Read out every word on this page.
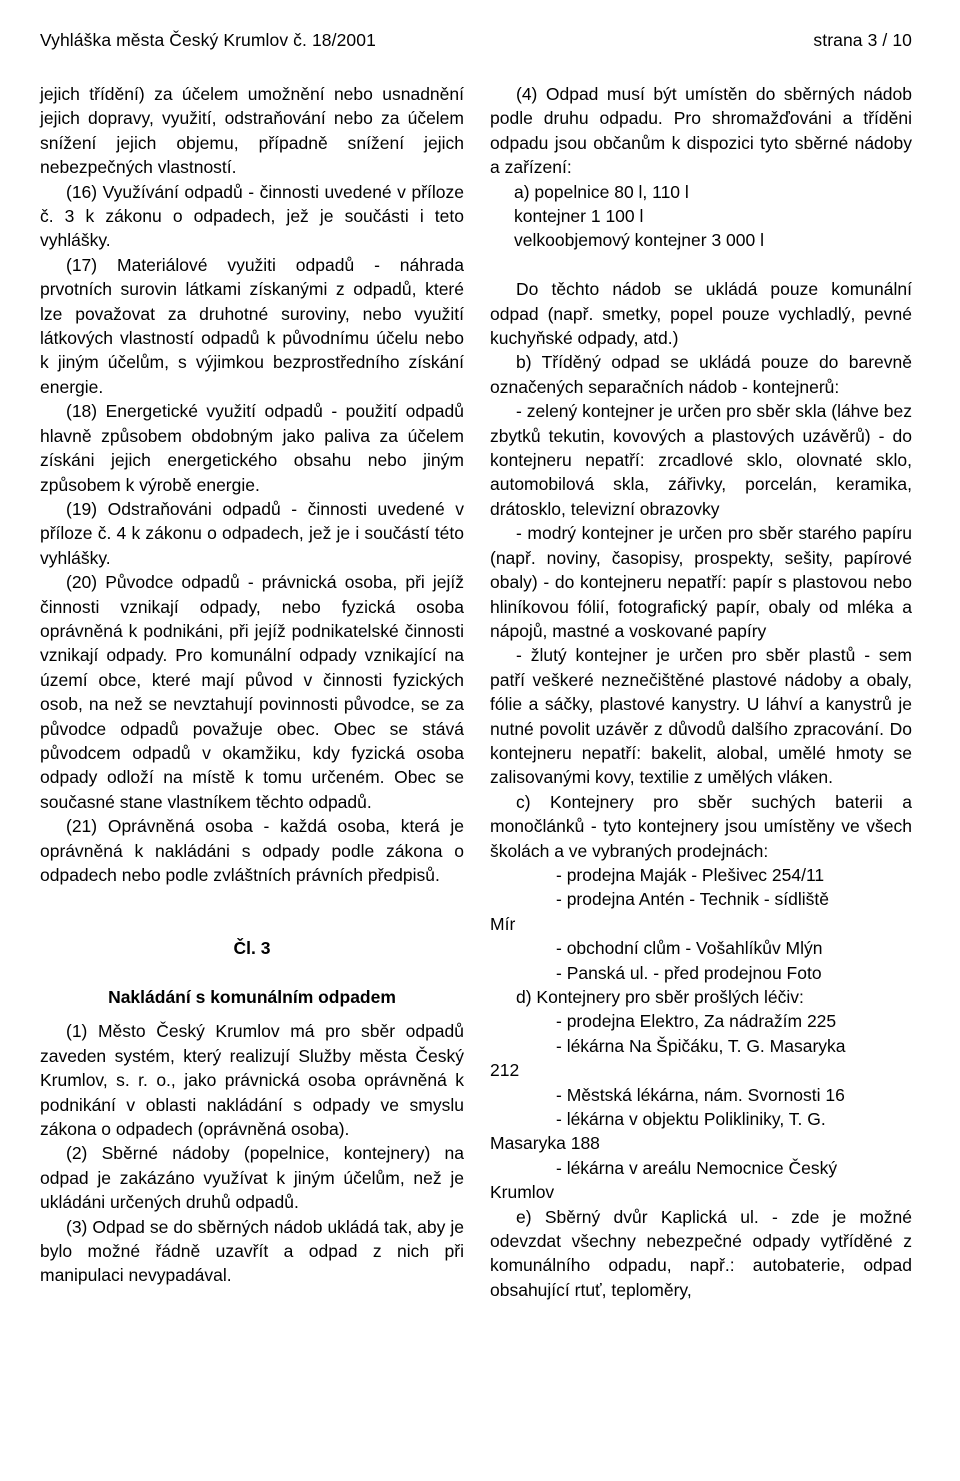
Vyhláška města Český Krumlov č. 18/2001	strana 3 / 10

jejich třídění) za účelem umožnění nebo usnadnění jejich dopravy, využití, odstraňování nebo za účelem snížení jejich objemu, případně snížení jejich nebezpečných vlastností.

(16) Využívání odpadů - činnosti uvedené v příloze č. 3 k zákonu o odpadech, jež je součásti i teto vyhlášky.

(17) Materiálové využiti odpadů - náhrada prvotních surovin látkami získanými z odpadů, které lze považovat za druhotné suroviny, nebo využití látkových vlastností odpadů k původnímu účelu nebo k jiným účelům, s výjimkou bezprostředního získání energie.

(18) Energetické využití odpadů - použití odpadů hlavně způsobem obdobným jako paliva za účelem získáni jejich energetického obsahu nebo jiným způsobem k výrobě energie.

(19) Odstraňováni odpadů - činnosti uvedené v příloze č. 4 k zákonu o odpadech, jež je i součástí této vyhlášky.

(20) Původce odpadů - právnická osoba, při jejíž činnosti vznikají odpady, nebo fyzická osoba oprávněná k podnikáni, při jejíž podnikatelské činnosti vznikají odpady. Pro komunální odpady vznikající na území obce, které mají původ v činnosti fyzických osob, na než se nevztahují povinnosti původce, se za původce odpadů považuje obec. Obec se stává původcem odpadů v okamžiku, kdy fyzická osoba odpady odloží na místě k tomu určeném. Obec se současné stane vlastníkem těchto odpadů.

(21) Oprávněná osoba - každá osoba, která je oprávněná k nakládáni s odpady podle zákona o odpadech nebo podle zvláštních právních předpisů.

Čl. 3

Nakládání s komunálním odpadem

(1) Město Český Krumlov má pro sběr odpadů zaveden systém, který realizují Služby města Český Krumlov, s. r. o., jako právnická osoba oprávněná k podnikání v oblasti nakládání s odpady ve smyslu zákona o odpadech (oprávněná osoba).

(2) Sběrné nádoby (popelnice, kontejnery) na odpad je zakázáno využívat k jiným účelům, než je ukládáni určených druhů odpadů.

(3) Odpad se do sběrných nádob ukládá tak, aby je bylo možné řádně uzavřít a odpad z nich při manipulaci nevypadával.

(4) Odpad musí být umístěn do sběrných nádob podle druhu odpadu. Pro shromažďováni a tříděni odpadu jsou občanům k dispozici tyto sběrné nádoby a zařízení:

a) popelnice 80 l, 110 l
kontejner 1 100 l
velkoobjemový kontejner 3 000 l

Do těchto nádob se ukládá pouze komunální odpad (např. smetky, popel pouze vychladlý, pevné kuchyňské odpady, atd.)

b) Tříděný odpad se ukládá pouze do barevně označených separačních nádob - kontejnerů:

- zelený kontejner je určen pro sběr skla (láhve bez zbytků tekutin, kovových a plastových uzávěrů) - do kontejneru nepatří: zrcadlové sklo, olovnaté sklo, automobilová skla, zářivky, porcelán, keramika, drátosklo, televizní obrazovky

- modrý kontejner je určen pro sběr starého papíru (např. noviny, časopisy, prospekty, sešity, papírové obaly) - do kontejneru nepatří: papír s plastovou nebo hliníkovou fólií, fotografický papír, obaly od mléka a nápojů, mastné a voskované papíry

- žlutý kontejner je určen pro sběr plastů - sem patří veškeré neznečištěné plastové nádoby a obaly, fólie a sáčky, plastové kanystry. U láhví a kanystrů je nutné povolit uzávěr z důvodů dalšího zpracování. Do kontejneru nepatří: bakelit, alobal, umělé hmoty se zalisovanými kovy, textilie z umělých vláken.

c) Kontejnery pro sběr suchých baterii a monočlánků - tyto kontejnery jsou umístěny ve všech školách a ve vybraných prodejnách:

- prodejna Maják - Plešivec 254/11
- prodejna Antén - Technik - sídliště
Mír
- obchodní clům - Vošahlíkův Mlýn
- Panská ul. - před prodejnou Foto
d) Kontejnery pro sběr prošlých léčiv:
- prodejna Elektro, Za nádražím 225
- lékárna Na Špičáku, T. G. Masaryka
212
- Městská lékárna, nám. Svornosti 16
- lékárna v objektu Polikliniky, T. G.
Masaryka 188
- lékárna v areálu Nemocnice Český
Krumlov

e) Sběrný dvůr Kaplická ul. - zde je možné odevzdat všechny nebezpečné odpady vytříděné z komunálního odpadu, např.: autobaterie, odpad obsahující rtuť, teploměry,
